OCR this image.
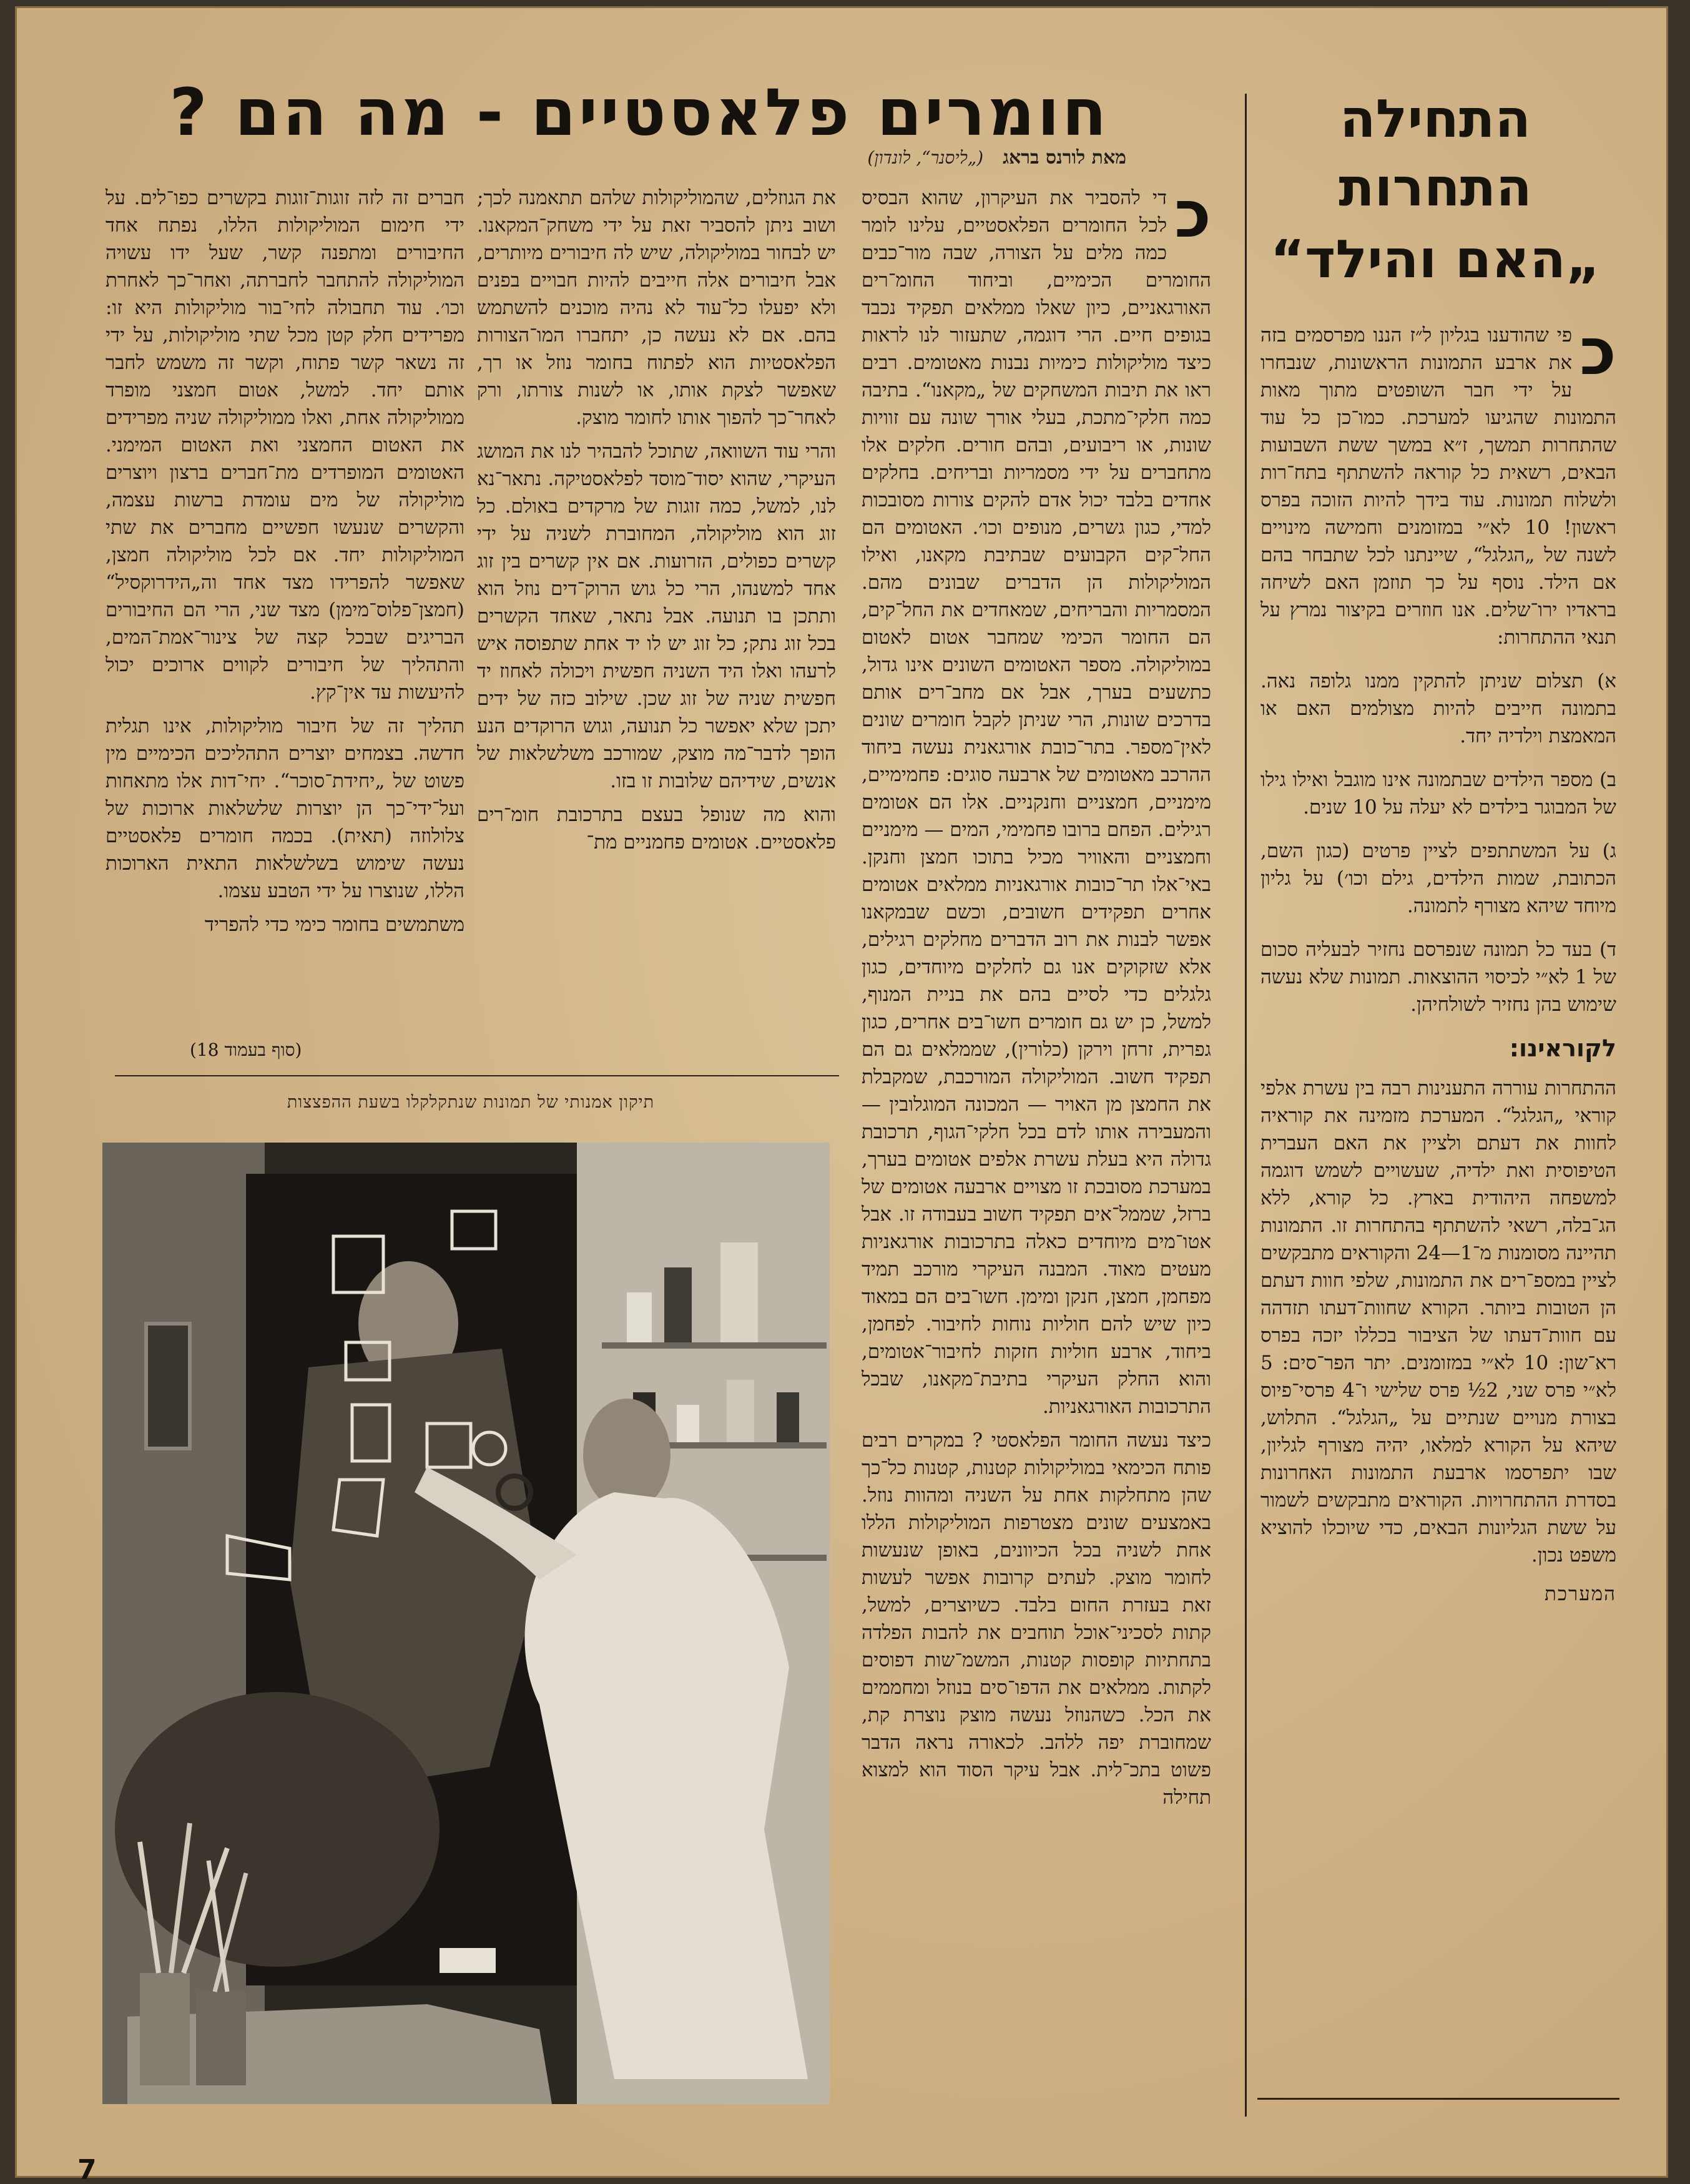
חומרים פלאסטיים - מה הם ?
מאת לורנס בראג („ליסנר“, לונדון)
כ

די להסביר את העיקרון, שהוא הבסיס לכל החומרים הפלאסטיים, עלינו לומר כמה מלים על הצורה, שבה מור־כבים החומרים הכימיים, וביחוד החומ־רים האורגאניים, כיון שאלו ממלאים תפקיד נכבד בגופים חיים. הרי דוגמה, שתעזור לנו לראות כיצד מוליקולות כימיות נבנות מאטומים. רבים ראו את תיבות המשחקים של „מקאנו“. בתיבה כמה חלקי־מתכת, בעלי אורך שונה עם זוויות שונות, או ריבועים, ובהם חורים. חלקים אלו מתחברים על ידי מסמריות ובריחים. בחלקים אחדים בלבד יכול אדם להקים צורות מסובכות למדי, כגון גשרים, מנופים וכו׳. האטומים הם החל־קים הקבועים שבתיבת מקאנו, ואילו המוליקולות הן הדברים שבונים מהם. המסמריות והבריחים, שמאחדים את החל־קים, הם החומר הכימי שמחבר אטום לאטום במוליקולה. מספר האטומים השונים אינו גדול, כתשעים בערך, אבל אם מחב־רים אותם בדרכים שונות, הרי שניתן לקבל חומרים שונים לאין־מספר. בתר־כובת אורגאנית נעשה ביחוד ההרכב מאטומים של ארבעה סוגים: פחמימיים, מימניים, חמצניים וחנקניים. אלו הם אטומים רגילים. הפחם ברובו פחמימי, המים — מימניים וחמצניים והאוויר מכיל בתוכו חמצן וחנקן. באי־אלו תר־כובות אורגאניות ממלאים אטומים אחרים תפקידים חשובים, וכשם שבמקאנו אפשר לבנות את רוב הדברים מחלקים רגילים, אלא שזקוקים אנו גם לחלקים מיוחדים, כגון גלגלים כדי לסיים בהם את בניית המנוף, למשל, כן יש גם חומרים חשו־בים אחרים, כגון גפרית, זרחן וירקן (כלורין), שממלאים גם הם תפקיד חשוב. המוליקולה המורכבת, שמקבלת את החמצן מן האויר — המכונה המוגלובין — והמעבירה אותו לדם בכל חלקי־הגוף, תרכובת גדולה היא בעלת עשרת אלפים אטומים בערך, במערכת מסובכת זו מצויים ארבעה אטומים של ברזל, שממל־אים תפקיד חשוב בעבודה זו. אבל אטו־מים מיוחדים כאלה בתרכובות אורגאניות מעטים מאוד. המבנה העיקרי מורכב תמיד מפחמן, חמצן, חנקן ומימן. חשו־בים הם במאוד כיון שיש להם חוליות נוחות לחיבור. לפחמן, ביחוד, ארבע חוליות חזקות לחיבור־אטומים, והוא החלק העיקרי בתיבת־מקאנו, שבכל התרכובות האורגאניות.

כיצד נעשה החומר הפלאסטי ? במקרים רבים פותח הכימאי במוליקולות קטנות, קטנות כל־כך שהן מתחלקות אחת על השניה ומהוות נוזל. באמצעים שונים מצטרפות המוליקולות הללו אחת לשניה בכל הכיוונים, באופן שנעשות לחומר מוצק. לעתים קרובות אפשר לעשות זאת בעזרת החום בלבד. כשיוצרים, למשל, קתות לסכיני־אוכל תוחבים את להבות הפלדה בתחתיות קופסות קטנות, המשמ־שות דפוסים לקתות. ממלאים את הדפו־סים בנוזל ומחממים את הכל. כשהנוזל נעשה מוצק נוצרת קת, שמחוברת יפה ללהב. לכאורה נראה הדבר פשוט בתכ־לית. אבל עיקר הסוד הוא למצוא תחילה

את הגוזלים, שהמוליקולות שלהם תתאמנה לכך; ושוב ניתן להסביר זאת על ידי משחק־המקאנו. יש לבחור במוליקולה, שיש לה חיבורים מיותרים, אבל חיבורים אלה חייבים להיות חבויים בפנים ולא יפעלו כל־עוד לא נהיה מוכנים להשתמש בהם. אם לא נעשה כן, יתחברו המו־הצורות הפלאסטיות הוא לפתוח בחומר נוזל או רך, שאפשר לצקת אותו, או לשנות צורתו, ורק לאחר־כך להפוך אותו לחומר מוצק.

והרי עוד השוואה, שתוכל להבהיר לנו את המושג העיקרי, שהוא יסוד־מוסד לפלאסטיקה. נתאר־נא לנו, למשל, כמה זוגות של מרקדים באולם. כל זוג הוא מוליקולה, המחוברת לשניה על ידי קשרים כפולים, הזרועות. אם אין קשרים בין זוג אחד למשנהו, הרי כל גוש הרוק־דים נוזל הוא ותתכן בו תנועה. אבל נתאר, שאחד הקשרים בכל זוג נתק; כל זוג יש לו יד אחת שתפוסה איש לרעהו ואלו היד השניה חפשית ויכולה לאחוז יד חפשית שניה של זוג שכן. שילוב כזה של ידים יתכן שלא יאפשר כל תנועה, וגוש הרוקדים הנע הופך לדבר־מה מוצק, שמורכב משלשלאות של אנשים, שידיהם שלובות זו בזו.

והוא מה שנופל בעצם בתרכובת חומ־רים פלאסטיים. אטומים פחמניים מת־

חברים זה לזה זוגות־זוגות בקשרים כפו־לים. על ידי חימום המוליקולות הללו, נפתח אחד החיבורים ומתפנה קשר, שעל ידו עשויה המוליקולה להתחבר לחברתה, ואחר־כך לאחרת וכו׳. עוד תחבולה לחי־בור מוליקולות היא זו: מפרידים חלק קטן מכל שתי מוליקולות, על ידי זה נשאר קשר פתוח, וקשר זה משמש לחבר אותם יחד. למשל, אטום חמצני מופרד ממוליקולה אחת, ואלו ממוליקולה שניה מפרידים את האטום החמצני ואת האטום המימני. האטומים המופרדים מת־חברים ברצון ויוצרים מוליקולה של מים עומדת ברשות עצמה, והקשרים שנעשו חפשיים מחברים את שתי המוליקולות יחד. אם לכל מוליקולה חמצן, שאפשר להפרידו מצד אחד וה„הידרוקסיל“ (חמצן־פלוס־מימן) מצד שני, הרי הם החיבורים הבריגים שבכל קצה של צינור־אמת־המים, והתהליך של חיבורים לקווים ארוכים יכול להיעשות עד אין־קץ.

תהליך זה של חיבור מוליקולות, אינו תגלית חדשה. בצמחים יוצרים התהליכים הכימיים מין פשוט של „יחידת־סוכר“. יחי־דות אלו מתאחות ועל־ידי־כך הן יוצרות שלשלאות ארוכות של צלולוזה (תאית). בכמה חומרים פלאסטיים נעשה שימוש בשלשלאות התאית הארוכות הללו, שנוצרו על ידי הטבע עצמו.

משתמשים בחומר כימי כדי להפריד

(סוף בעמוד 18)
תיקון אמנותי של תמונות שנתקלקלו בשעת ההפצצות
התחילה
התחרות
„האם והילד“
כ

פי שהודענו בגליון ל״ז הננו מפרסמים בזה את ארבע התמונות הראשונות, שנבחרו על ידי חבר השופטים מתוך מאות התמונות שהגיעו למערכת. כמו־כן כל עוד שהתחרות תמשך, ז״א במשך ששת השבועות הבאים, רשאית כל קוראה להשתתף בתח־רות ולשלוח תמונות. עוד בידך להיות הזוכה בפרס ראשון! 10 לא״י במזומנים וחמישה מינויים לשנה של „הגלגל“, שיינתנו לכל שתבחר בהם אם הילד. נוסף על כך תוזמן האם לשיחה בראדיו ירו־שלים. אנו חוזרים בקיצור נמרץ על תנאי ההתחרות:

א) תצלום שניתן להתקין ממנו גלופה נאה. בתמונה חייבים להיות מצולמים האם או המאמצת וילדיה יחד.

ב) מספר הילדים שבתמונה אינו מוגבל ואילו גילו של המבוגר בילדים לא יעלה על 10 שנים.

ג) על המשתתפים לציין פרטים (כגון השם, הכתובת, שמות הילדים, גילם וכו׳) על גליון מיוחד שיהא מצורף לתמונה.

ד) בעד כל תמונה שנפרסם נחזיר לבעליה סכום של 1 לא״י לכיסוי ההוצאות. תמונות שלא נעשה שימוש בהן נחזיר לשולחיהן.

לקוראינו:

ההתחרות עוררה התענינות רבה בין עשרת אלפי קוראי „הגלגל“. המערכת מזמינה את קוראיה לחוות את דעתם ולציין את האם העברית הטיפוסית ואת ילדיה, שעשויים לשמש דוגמה למשפחה היהודית בארץ. כל קורא, ללא הג־בלה, רשאי להשתתף בהתחרות זו. התמונות תהיינה מסומנות מ־1—24 והקוראים מתבקשים לציין במספ־רים את התמונות, שלפי חוות דעתם הן הטובות ביותר. הקורא שחוות־דעתו תזדהה עם חוות־דעתו של הציבור בכללו יזכה בפרס רא־שון: 10 לא״י במזומנים. יתר הפר־סים: 5 לא״י פרס שני, 2½ פרס שלישי ו־4 פרסי־פיוס בצורת מנויים שנתיים על „הגלגל“. התלוש, שיהא על הקורא למלאו, יהיה מצורף לגליון, שבו יתפרסמו ארבעת התמונות האחרונות בסדרת ההתחרויות. הקוראים מתבקשים לשמור על ששת הגליונות הבאים, כדי שיוכלו להוציא משפט נכון.

המערכת

7
